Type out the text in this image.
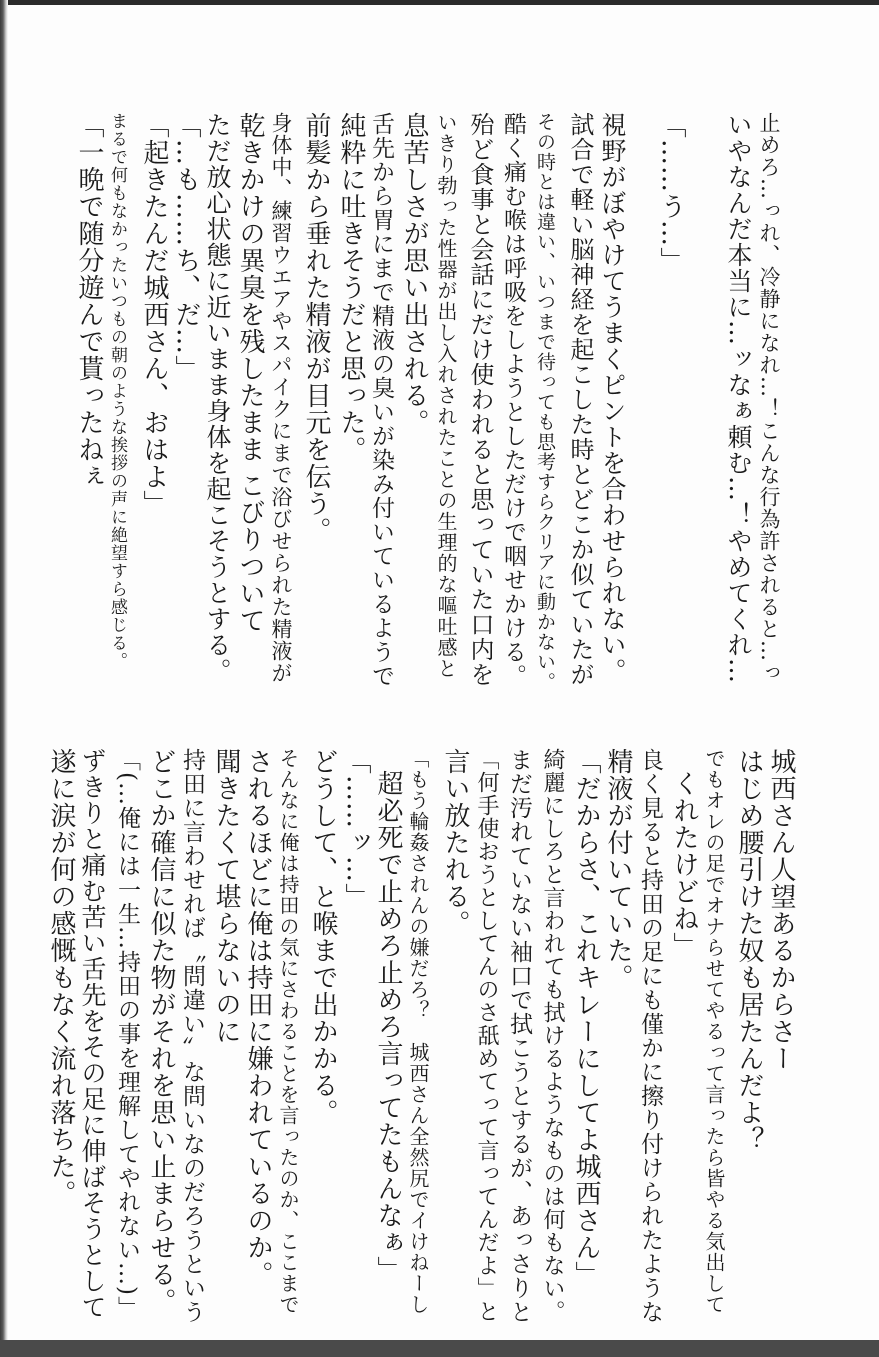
止めろ…っれ、冷静になれ…！こんな行為許されると…っ
いやなんだ本当に…ッなぁ頼む…！やめてくれ…
「……う…」
視野がぼやけてうまくピントを合わせられない。
試合で軽い脳神経を起こした時とどこか似ていたが
その時とは違い、いつまで待っても思考すらクリアに動かない。
酷く痛む喉は呼吸をしようとしただけで咽せかける。
殆ど食事と会話にだけ使われると思っていた口内を
いきり勃った性器が出し入れされたことの生理的な嘔吐感と
息苦しさが思い出される。
舌先から胃にまで精液の臭いが染み付いているようで
純粋に吐きそうだと思った。
前髪から垂れた精液が目元を伝う。
身体中、練習ウエアやスパイクにまで浴びせられた精液が
乾きかけの異臭を残したまま こびりついて
ただ放心状態に近いまま身体を起こそうとする。
「…も……ち、だ…」
「起きたんだ城西さん、おはよ」
まるで何もなかったいつもの朝のような挨拶の声に絶望すら感じる。
「一晩で随分遊んで貰ったねぇ
城西さん人望あるからさー
はじめ腰引けた奴も居たんだよ？
でもオレの足でオナらせてやるって言ったら皆やる気出して
くれたけどね」
良く見ると持田の足にも僅かに擦り付けられたような
精液が付いていた。
「だからさ、これキレーにしてよ城西さん」
綺麗にしろと言われても拭けるようなものは何もない。
まだ汚れていない袖口で拭こうとするが、あっさりと
「何手使おうとしてんのさ舐めてって言ってんだよ」と
言い放たれる。
「もう輪姦されんの嫌だろ？　城西さん全然尻でイけねーし
超必死で止めろ止めろ言ってたもんなぁ」
「……ッ…」
どうして、と喉まで出かかる。
そんなに俺は持田の気にさわることを言ったのか、ここまで
されるほどに俺は持田に嫌われているのか。
聞きたくて堪らないのに
持田に言わせれば〝問違い〟な問いなのだろうという
どこか確信に似た物がそれを思い止まらせる。
「(…俺には一生…持田の事を理解してやれない…)」
ずきりと痛む苦い舌先をその足に伸ばそうとして
遂に涙が何の感慨もなく流れ落ちた。
